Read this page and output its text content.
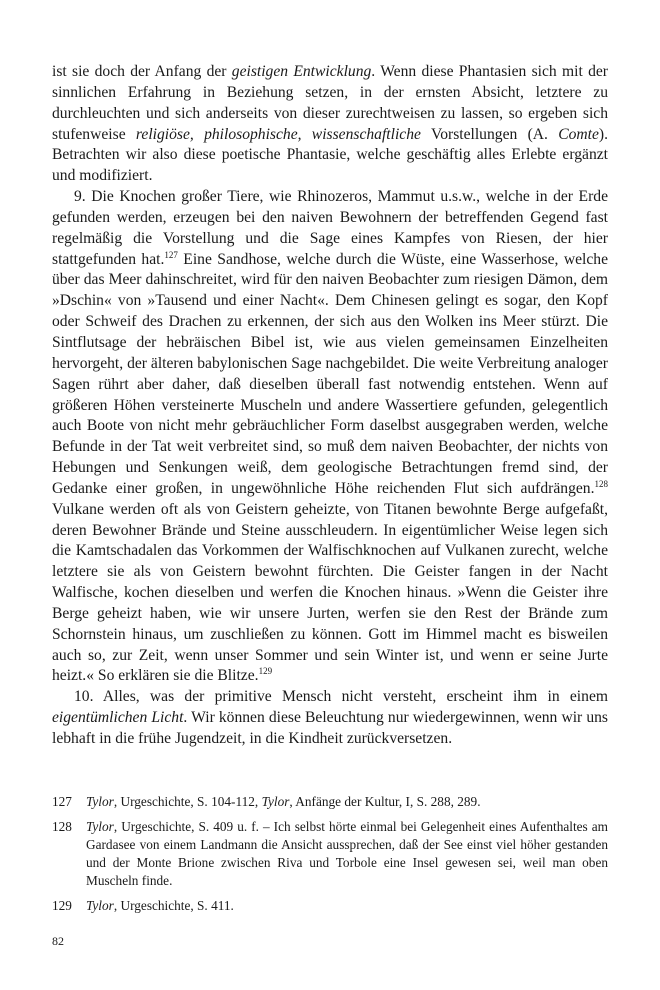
ist sie doch der Anfang der geistigen Entwicklung. Wenn diese Phantasien sich mit der sinnlichen Erfahrung in Beziehung setzen, in der ernsten Absicht, letztere zu durchleuchten und sich anderseits von dieser zurechtweisen zu lassen, so ergeben sich stufenweise religiöse, philosophische, wissenschaftliche Vorstellungen (A. Comte). Betrachten wir also diese poetische Phantasie, welche geschäftig alles Erlebte ergänzt und modifiziert.

9. Die Knochen großer Tiere, wie Rhinozeros, Mammut u.s.w., welche in der Erde gefunden werden, erzeugen bei den naiven Bewohnern der betreffenden Gegend fast regelmäßig die Vorstellung und die Sage eines Kampfes von Riesen, der hier stattgefunden hat.$^{127}$ Eine Sandhose, welche durch die Wüste, eine Wasserhose, welche über das Meer dahinschreitet, wird für den naiven Beobachter zum riesigen Dämon, dem »Dschin« von »Tausend und einer Nacht«. Dem Chinesen gelingt es sogar, den Kopf oder Schweif des Drachen zu erkennen, der sich aus den Wolken ins Meer stürzt. Die Sintflutsage der hebräischen Bibel ist, wie aus vielen gemeinsamen Einzelheiten hervorgeht, der älteren babylonischen Sage nachgebildet. Die weite Verbreitung analoger Sagen rührt aber daher, daß dieselben überall fast notwendig entstehen. Wenn auf größeren Höhen versteinerte Muscheln und andere Wassertiere gefunden, gelegentlich auch Boote von nicht mehr gebräuchlicher Form daselbst ausgegraben werden, welche Befunde in der Tat weit verbreitet sind, so muß dem naiven Beobachter, der nichts von Hebungen und Senkungen weiß, dem geologische Betrachtungen fremd sind, der Gedanke einer großen, in ungewöhnliche Höhe reichenden Flut sich aufdrängen.$^{128}$ Vulkane werden oft als von Geistern geheizte, von Titanen bewohnte Berge aufgefaßt, deren Bewohner Brände und Steine ausschleudern. In eigentümlicher Weise legen sich die Kamtschadalen das Vorkommen der Walfischknochen auf Vulkanen zurecht, welche letztere sie als von Geistern bewohnt fürchten. Die Geister fangen in der Nacht Walfische, kochen dieselben und werfen die Knochen hinaus. »Wenn die Geister ihre Berge geheizt haben, wie wir unsere Jurten, werfen sie den Rest der Brände zum Schornstein hinaus, um zuschließen zu können. Gott im Himmel macht es bisweilen auch so, zur Zeit, wenn unser Sommer und sein Winter ist, und wenn er seine Jurte heizt.« So erklären sie die Blitze.$^{129}$

10. Alles, was der primitive Mensch nicht versteht, erscheint ihm in einem eigentümlichen Licht. Wir können diese Beleuchtung nur wiedergewinnen, wenn wir uns lebhaft in die frühe Jugendzeit, in die Kindheit zurückversetzen.

127	Tylor, Urgeschichte, S. 104-112, Tylor, Anfänge der Kultur, I, S. 288, 289.
128	Tylor, Urgeschichte, S. 409 u. f. – Ich selbst hörte einmal bei Gelegenheit eines Aufenthaltes am Gardasee von einem Landmann die Ansicht aussprechen, daß der See einst viel höher gestanden und der Monte Brione zwischen Riva und Torbole eine Insel gewesen sei, weil man oben Muscheln finde.
129	Tylor, Urgeschichte, S. 411.
82
